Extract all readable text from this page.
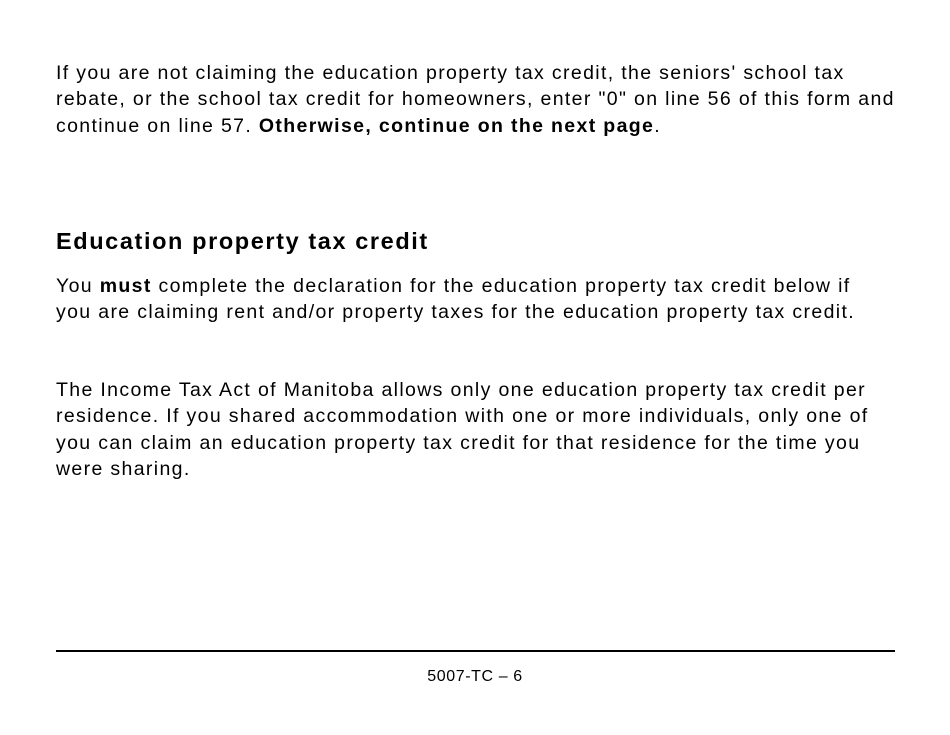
If you are not claiming the education property tax credit, the seniors' school tax rebate, or the school tax credit for homeowners, enter "0" on line 56 of this form and continue on line 57. Otherwise, continue on the next page.

Education property tax credit

You must complete the declaration for the education property tax credit below if you are claiming rent and/or property taxes for the education property tax credit.

The Income Tax Act of Manitoba allows only one education property tax credit per residence. If you shared accommodation with one or more individuals, only one of you can claim an education property tax credit for that residence for the time you were sharing.

5007-TC – 6
